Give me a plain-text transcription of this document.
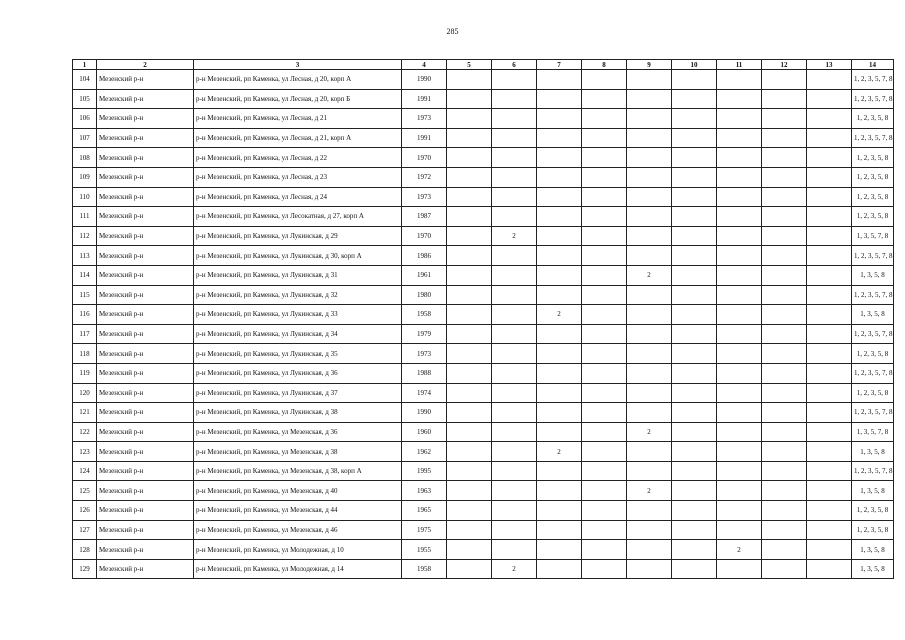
285
1	2	3	4	5	6	7	8	9	10	11	12	13	14
104	Мезенский р-н	р-н Мезенский, рп Каменка, ул Лесная, д 20, корп А	1990										1, 2, 3, 5, 7, 8
105	Мезенский р-н	р-н Мезенский, рп Каменка, ул Лесная, д 20, корп Б	1991										1, 2, 3, 5, 7, 8
106	Мезенский р-н	р-н Мезенский, рп Каменка, ул Лесная, д 21	1973										1, 2, 3, 5, 8
107	Мезенский р-н	р-н Мезенский, рп Каменка, ул Лесная, д 21, корп А	1991										1, 2, 3, 5, 7, 8
108	Мезенский р-н	р-н Мезенский, рп Каменка, ул Лесная, д 22	1970										1, 2, 3, 5, 8
109	Мезенский р-н	р-н Мезенский, рп Каменка, ул Лесная, д 23	1972										1, 2, 3, 5, 8
110	Мезенский р-н	р-н Мезенский, рп Каменка, ул Лесная, д 24	1973										1, 2, 3, 5, 8
111	Мезенский р-н	р-н Мезенский, рп Каменка, ул Лесокатная, д 27, корп А	1987										1, 2, 3, 5, 8
112	Мезенский р-н	р-н Мезенский, рп Каменка, ул Лукинская, д 29	1970		2								1, 3, 5, 7, 8
113	Мезенский р-н	р-н Мезенский, рп Каменка, ул Лукинская, д 30, корп А	1986										1, 2, 3, 5, 7, 8
114	Мезенский р-н	р-н Мезенский, рп Каменка, ул Лукинская, д 31	1961					2					1, 3, 5, 8
115	Мезенский р-н	р-н Мезенский, рп Каменка, ул Лукинская, д 32	1980										1, 2, 3, 5, 7, 8
116	Мезенский р-н	р-н Мезенский, рп Каменка, ул Лукинская, д 33	1958			2							1, 3, 5, 8
117	Мезенский р-н	р-н Мезенский, рп Каменка, ул Лукинская, д 34	1979										1, 2, 3, 5, 7, 8
118	Мезенский р-н	р-н Мезенский, рп Каменка, ул Лукинская, д 35	1973										1, 2, 3, 5, 8
119	Мезенский р-н	р-н Мезенский, рп Каменка, ул Лукинская, д 36	1988										1, 2, 3, 5, 7, 8
120	Мезенский р-н	р-н Мезенский, рп Каменка, ул Лукинская, д 37	1974										1, 2, 3, 5, 8
121	Мезенский р-н	р-н Мезенский, рп Каменка, ул Лукинская, д 38	1990										1, 2, 3, 5, 7, 8
122	Мезенский р-н	р-н Мезенский, рп Каменка, ул Мезенская, д 36	1960					2					1, 3, 5, 7, 8
123	Мезенский р-н	р-н Мезенский, рп Каменка, ул Мезенская, д 38	1962			2							1, 3, 5, 8
124	Мезенский р-н	р-н Мезенский, рп Каменка, ул Мезенская, д 38, корп А	1995										1, 2, 3, 5, 7, 8
125	Мезенский р-н	р-н Мезенский, рп Каменка, ул Мезенская, д 40	1963					2					1, 3, 5, 8
126	Мезенский р-н	р-н Мезенский, рп Каменка, ул Мезенская, д 44	1965										1, 2, 3, 5, 8
127	Мезенский р-н	р-н Мезенский, рп Каменка, ул Мезенская, д 46	1975										1, 2, 3, 5, 8
128	Мезенский р-н	р-н Мезенский, рп Каменка, ул Молодежная, д 10	1955							2			1, 3, 5, 8
129	Мезенский р-н	р-н Мезенский, рп Каменка, ул Молодежная, д 14	1958		2								1, 3, 5, 8
